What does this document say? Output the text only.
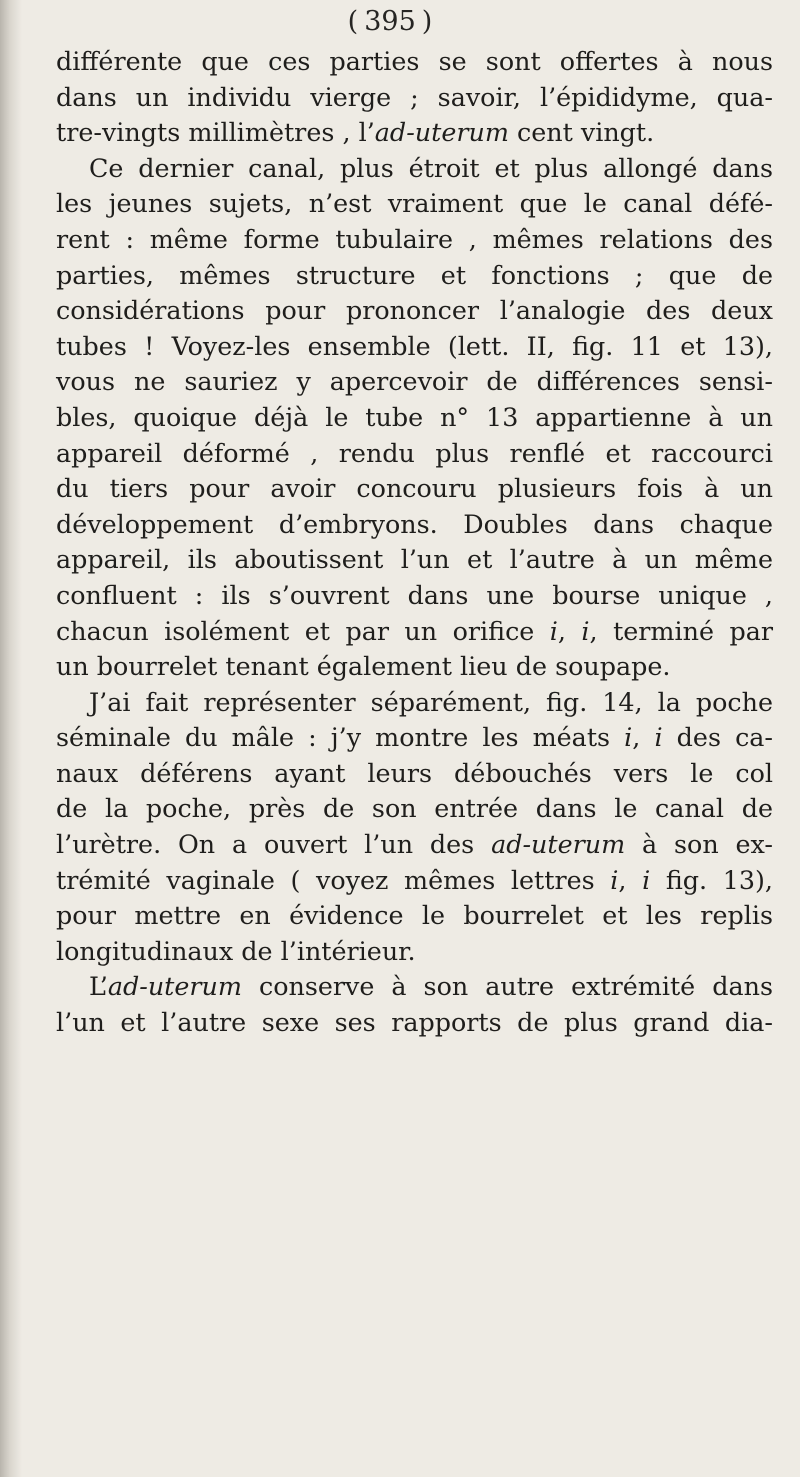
( 395 )
différente que ces parties se sont offertes à nous
dans un individu vierge ; savoir, l’épididyme, qua-
tre-vingts millimètres , l’ad-uterum cent vingt.
Ce dernier canal, plus étroit et plus allongé dans
les jeunes sujets, n’est vraiment que le canal défé-
rent : même forme tubulaire , mêmes relations des
parties, mêmes structure et fonctions ; que de
considérations pour prononcer l’analogie des deux
tubes ! Voyez-les ensemble (lett. II, fig. 11 et 13),
vous ne sauriez y apercevoir de différences sensi-
bles, quoique déjà le tube n° 13 appartienne à un
appareil déformé , rendu plus renflé et raccourci
du tiers pour avoir concouru plusieurs fois à un
développement d’embryons. Doubles dans chaque
appareil, ils aboutissent l’un et l’autre à un même
confluent : ils s’ouvrent dans une bourse unique ,
chacun isolément et par un orifice i, i, terminé par
un bourrelet tenant également lieu de soupape.
J’ai fait représenter séparément, fig. 14, la poche
séminale du mâle : j’y montre les méats i, i des ca-
naux déférens ayant leurs débouchés vers le col
de la poche, près de son entrée dans le canal de
l’urètre. On a ouvert l’un des ad-uterum à son ex-
trémité vaginale ( voyez mêmes lettres i, i fig. 13),
pour mettre en évidence le bourrelet et les replis
longitudinaux de l’intérieur.
L’ad-uterum conserve à son autre extrémité dans
l’un et l’autre sexe ses rapports de plus grand dia-
